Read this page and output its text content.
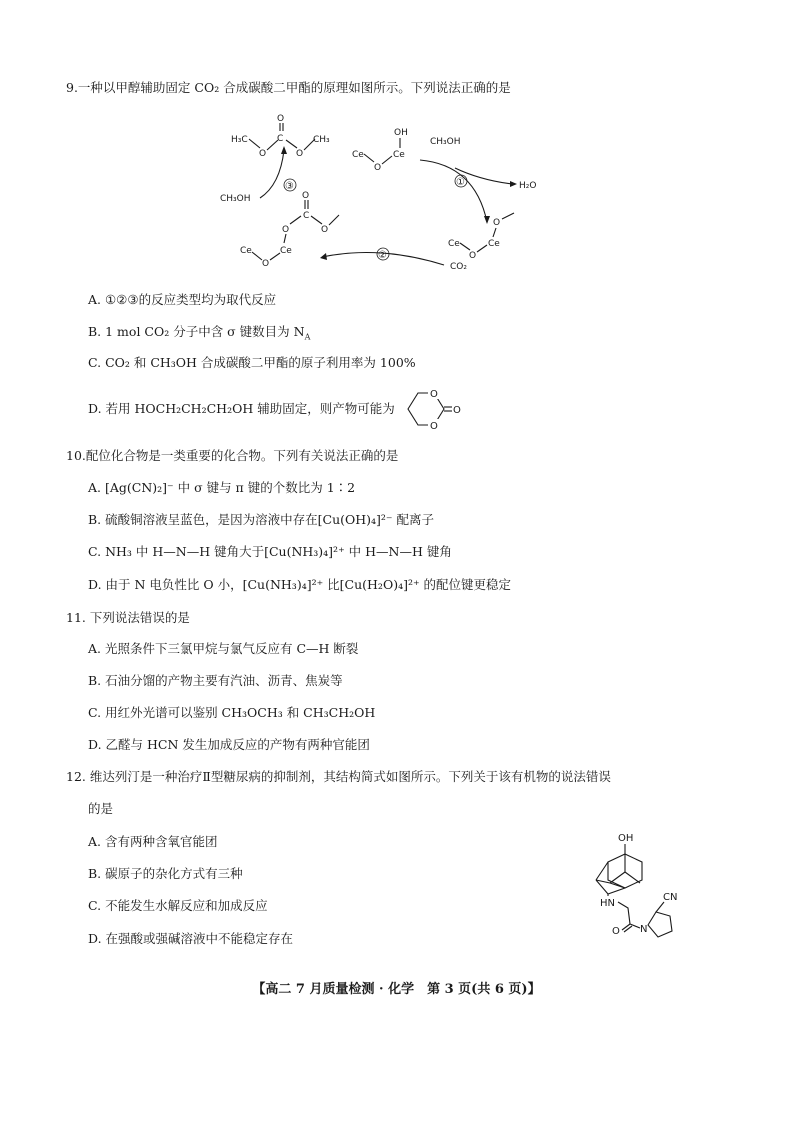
9.一种以甲醇辅助固定 CO₂ 合成碳酸二甲酯的原理如图所示。下列说法正确的是
H₃C
O
C
O
O
CH₃
Ce
O
Ce
OH
CH₃OH
H₂O
①
Ce
O
Ce
O
CO₂
②
C
O
O
O
Ce
O
Ce
CH₃OH
③
A. ①②③的反应类型均为取代反应
B. 1 mol CO₂ 分子中含 σ 键数目为 $N_A$
C. CO₂ 和 CH₃OH 合成碳酸二甲酯的原子利用率为 100%
D. 若用 HOCH₂CH₂CH₂OH 辅助固定，则产物可能为
O
O
O
10.配位化合物是一类重要的化合物。下列有关说法正确的是
A. [Ag(CN)₂]⁻ 中 σ 键与 π 键的个数比为 1∶2
B. 硫酸铜溶液呈蓝色，是因为溶液中存在[Cu(OH)₄]²⁻ 配离子
C. NH₃ 中 H—N—H 键角大于[Cu(NH₃)₄]²⁺ 中 H—N—H 键角
D. 由于 N 电负性比 O 小，[Cu(NH₃)₄]²⁺ 比[Cu(H₂O)₄]²⁺ 的配位键更稳定
11. 下列说法错误的是
A. 光照条件下三氯甲烷与氯气反应有 C—H 断裂
B. 石油分馏的产物主要有汽油、沥青、焦炭等
C. 用红外光谱可以鉴别 CH₃OCH₃ 和 CH₃CH₂OH
D. 乙醛与 HCN 发生加成反应的产物有两种官能团
12. 维达列汀是一种治疗Ⅱ型糖尿病的抑制剂，其结构简式如图所示。下列关于该有机物的说法错误
的是
A. 含有两种含氧官能团
B. 碳原子的杂化方式有三种
C. 不能发生水解反应和加成反应
D. 在强酸或强碱溶液中不能稳定存在
OH
HN
O N
CN
【高二 7 月质量检测 · 化学　第 3 页(共 6 页)】
